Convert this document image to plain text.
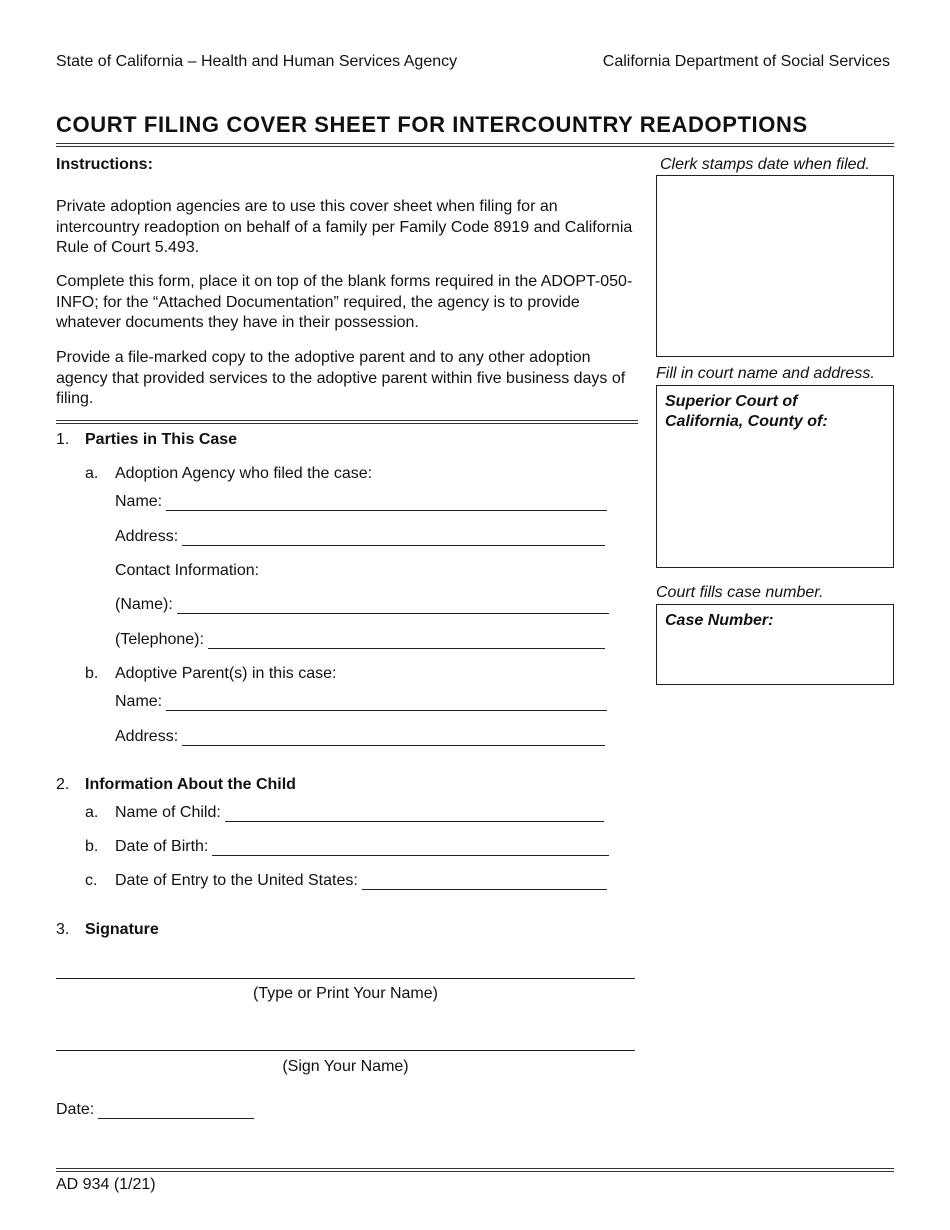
State of California – Health and Human Services Agency	California Department of Social Services
COURT FILING COVER SHEET FOR INTERCOUNTRY READOPTIONS
Instructions:
Private adoption agencies are to use this cover sheet when filing for an intercountry readoption on behalf of a family per Family Code 8919 and California Rule of Court 5.493.
Complete this form, place it on top of the blank forms required in the ADOPT-050-INFO; for the “Attached Documentation” required, the agency is to provide whatever documents they have in their possession.
Provide a file-marked copy to the adoptive parent and to any other adoption agency that provided services to the adoptive parent within five business days of filing.
Clerk stamps date when filed.
Fill in court name and address.
Superior Court of California, County of:
Court fills case number.
Case Number:
1. Parties in This Case
a. Adoption Agency who filed the case:
Name:
Address:
Contact Information:
(Name):
(Telephone):
b. Adoptive Parent(s) in this case:
Name:
Address:
2. Information About the Child
a. Name of Child:
b. Date of Birth:
c. Date of Entry to the United States:
3. Signature
(Type or Print Your Name)
(Sign Your Name)
Date:
AD 934 (1/21)
